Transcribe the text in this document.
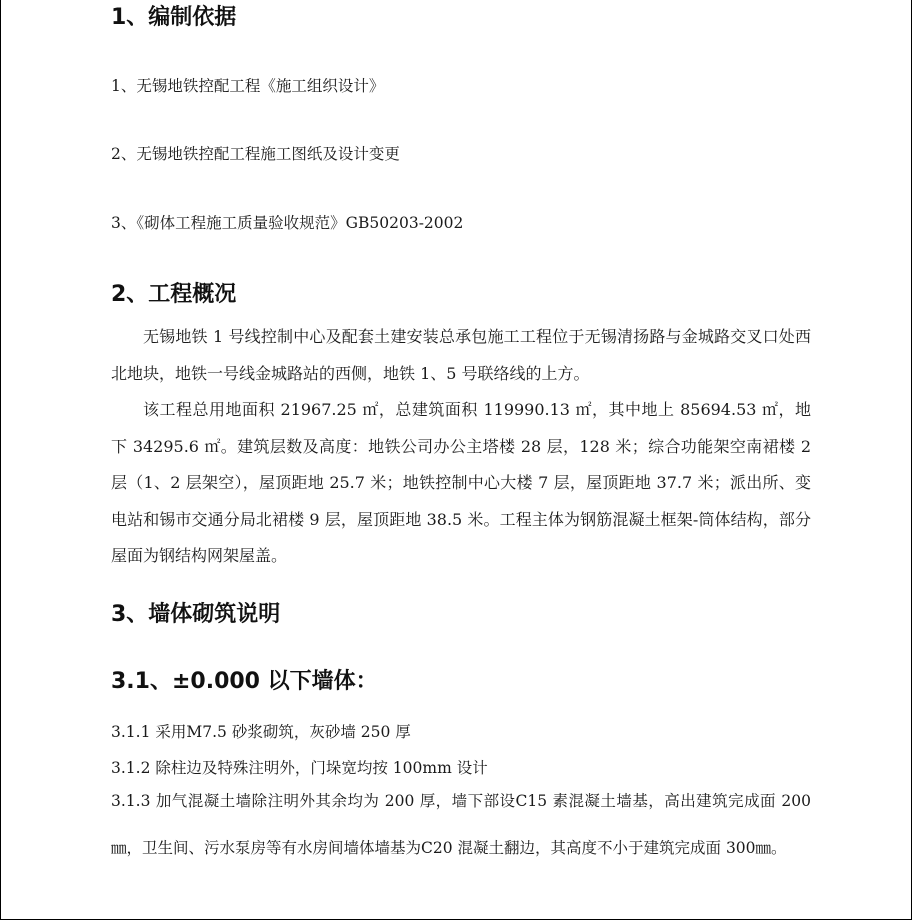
1、编制依据
1、无锡地铁控配工程《施工组织设计》
2、无锡地铁控配工程施工图纸及设计变更
3、《砌体工程施工质量验收规范》GB50203-2002
2、工程概况
无锡地铁 1 号线控制中心及配套土建安装总承包施工工程位于无锡清扬路与金城路交叉口处西北地块，地铁一号线金城路站的西侧，地铁 1、5 号联络线的上方。
该工程总用地面积 21967.25 ㎡，总建筑面积 119990.13 ㎡，其中地上 85694.53 ㎡，地下 34295.6 ㎡。建筑层数及高度：地铁公司办公主塔楼 28 层，128 米；综合功能架空南裙楼 2 层（1、2 层架空），屋顶距地 25.7 米；地铁控制中心大楼 7 层，屋顶距地 37.7 米；派出所、变电站和锡市交通分局北裙楼 9 层，屋顶距地 38.5 米。工程主体为钢筋混凝土框架-筒体结构，部分屋面为钢结构网架屋盖。
3、墙体砌筑说明
3.1、±0.000 以下墙体：
3.1.1 采用M7.5 砂浆砌筑，灰砂墙 250 厚
3.1.2 除柱边及特殊注明外，门垛宽均按 100mm 设计
3.1.3 加气混凝土墙除注明外其余均为 200 厚，墙下部设C15 素混凝土墙基，高出建筑完成面 200㎜，卫生间、污水泵房等有水房间墙体墙基为C20 混凝土翻边，其高度不小于建筑完成面 300㎜。
